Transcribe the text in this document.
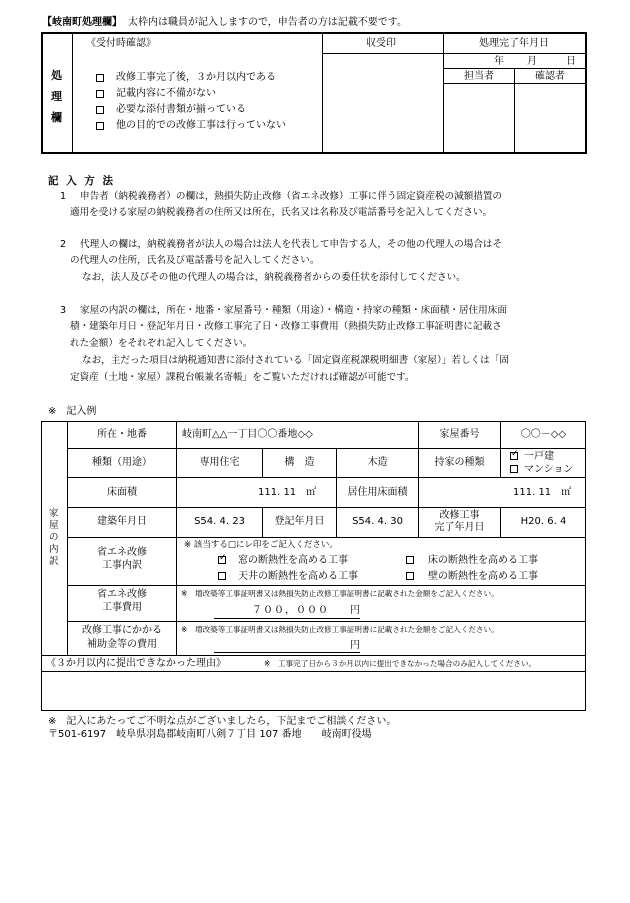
【岐南町処理欄】 太枠内は職員が記入しますので，申告者の方は記載不要です。
処
理
欄
《受付時確認》
改修工事完了後，３か月以内である
記載内容に不備がない
必要な添付書類が揃っている
他の目的での改修工事は行っていない
収受印	処理完了年月日
年 月	日
担当者	確認者
記 入 方 法
1 申告者（納税義務者）の欄は，熱損失防止改修（省エネ改修）工事に伴う固定資産税の減額措置の
適用を受ける家屋の納税義務者の住所又は所在，氏名又は名称及び電話番号を記入してください。
2 代理人の欄は，納税義務者が法人の場合は法人を代表して申告する人，その他の代理人の場合はそ
の代理人の住所，氏名及び電話番号を記入してください。
なお，法人及びその他の代理人の場合は，納税義務者からの委任状を添付してください。
3 家屋の内訳の欄は，所在・地番・家屋番号・種類（用途）・構造・持家の種類・床面積・居住用床面
積・建築年月日・登記年月日・改修工事完了日・改修工事費用（熱損失防止改修工事証明書に記載さ
れた金額）をそれぞれ記入してください。
なお，主だった項目は納税通知書に添付されている「固定資産税課税明細書（家屋）」若しくは「固
定資産（土地・家屋）課税台帳兼名寄帳」をご覧いただければ確認が可能です。
※　記入例
家
屋
の
内
訳
所在・地番	岐南町△△一丁目〇〇番地◇◇	家屋番号	〇〇－◇◇
種類（用途）	専用住宅	構　造	木造	持家の種類
✓
一戸建
マンション
床面積	111. 11　㎡	居住用床面積	111. 11　㎡
建築年月日	S54. 4. 23	登記年月日	S54. 4. 30
改修工事
完了年月日
H20. 6. 4
省エネ改修
工事内訳
※ 該当する□にレ印をご記入ください。
✓
窓の断熱性を高める工事	床の断熱性を高める工事
天井の断熱性を高める工事	壁の断熱性を高める工事
省エネ改修
工事費用
※　増改築等工事証明書又は熱損失防止改修工事証明書に記載された金額をご記入ください。
７００，０００ 円
改修工事にかかる
補助金等の費用
※　増改築等工事証明書又は熱損失防止改修工事証明書に記載された金額をご記入ください。
円
《３か月以内に提出できなかった理由》	※　工事完了日から３か月以内に提出できなかった場合のみ記入してください。
※　記入にあたってご不明な点がございましたら，下記までご相談ください。
〒501-6197　岐阜県羽島郡岐南町八剣７丁目 107 番地　　岐南町役場
